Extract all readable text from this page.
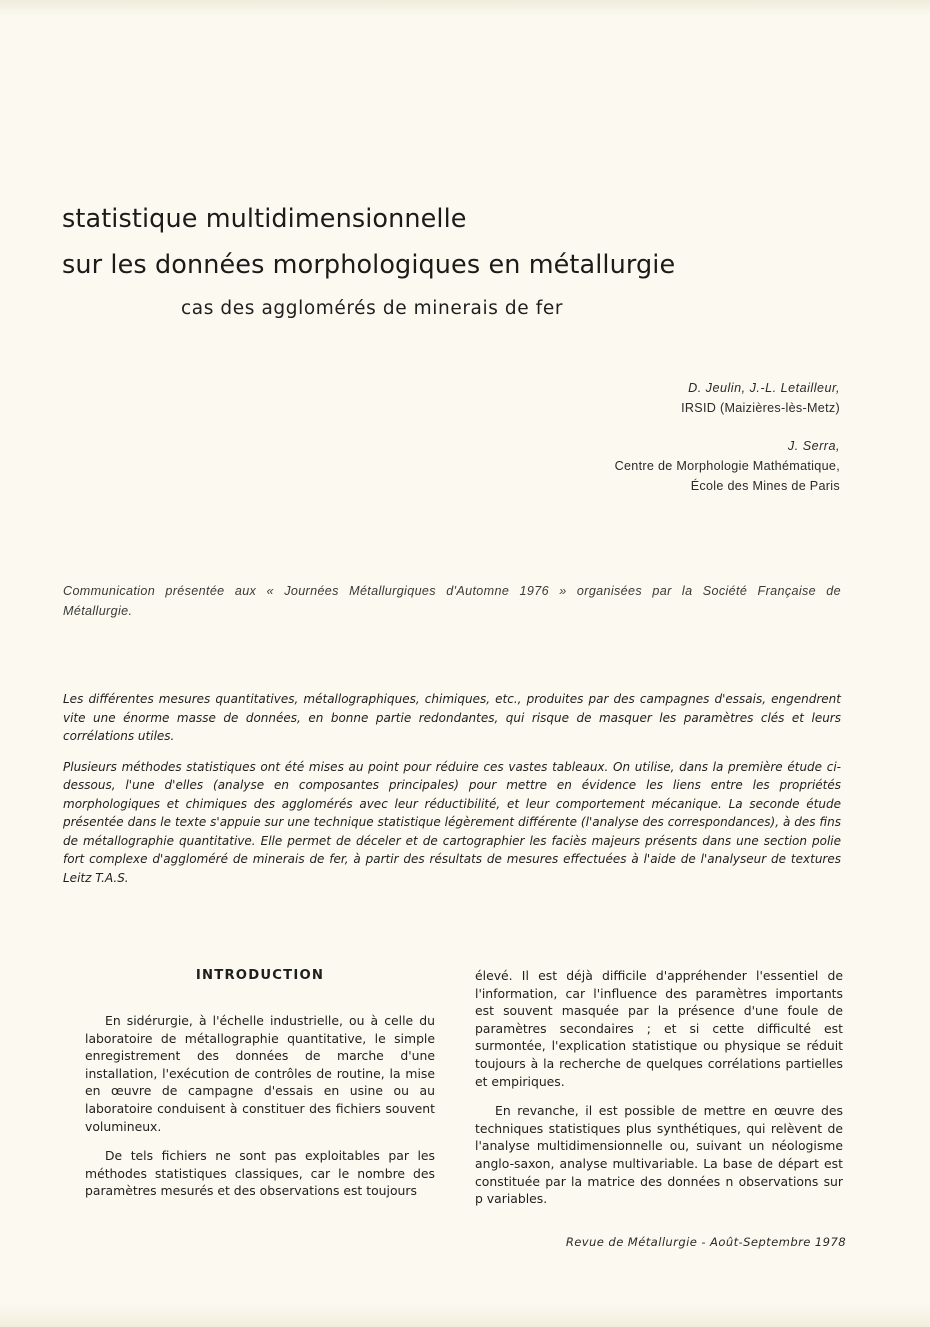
statistique multidimensionnelle
sur les données morphologiques en métallurgie
cas des agglomérés de minerais de fer
D. Jeulin, J.-L. Letailleur,
IRSID (Maizières-lès-Metz)
J. Serra,
Centre de Morphologie Mathématique,
École des Mines de Paris
Communication présentée aux « Journées Métallurgiques d'Automne 1976 » organisées par la Société Française de Métallurgie.

Les différentes mesures quantitatives, métallographiques, chimiques, etc., produites par des campagnes d'essais, engendrent vite une énorme masse de données, en bonne partie redondantes, qui risque de masquer les paramètres clés et leurs corrélations utiles.

Plusieurs méthodes statistiques ont été mises au point pour réduire ces vastes tableaux. On utilise, dans la première étude ci-dessous, l'une d'elles (analyse en composantes principales) pour mettre en évidence les liens entre les propriétés morphologiques et chimiques des agglomérés avec leur réductibilité, et leur comportement mécanique. La seconde étude présentée dans le texte s'appuie sur une technique statistique légèrement différente (l'analyse des correspondances), à des fins de métallographie quantitative. Elle permet de déceler et de cartographier les faciès majeurs présents dans une section polie fort complexe d'aggloméré de minerais de fer, à partir des résultats de mesures effectuées à l'aide de l'analyseur de textures Leitz T.A.S.

INTRODUCTION

En sidérurgie, à l'échelle industrielle, ou à celle du laboratoire de métallographie quantitative, le simple enregistrement des données de marche d'une installation, l'exécution de contrôles de routine, la mise en œuvre de campagne d'essais en usine ou au laboratoire conduisent à constituer des fichiers souvent volumineux.

De tels fichiers ne sont pas exploitables par les méthodes statistiques classiques, car le nombre des paramètres mesurés et des observations est toujours

élevé. Il est déjà difficile d'appréhender l'essentiel de l'information, car l'influence des paramètres importants est souvent masquée par la présence d'une foule de paramètres secondaires ; et si cette difficulté est surmontée, l'explication statistique ou physique se réduit toujours à la recherche de quelques corrélations partielles et empiriques.

En revanche, il est possible de mettre en œuvre des techniques statistiques plus synthétiques, qui relèvent de l'analyse multidimensionnelle ou, suivant un néologisme anglo-saxon, analyse multivariable. La base de départ est constituée par la matrice des données n observations sur p variables.

Revue de Métallurgie - Août-Septembre 1978
